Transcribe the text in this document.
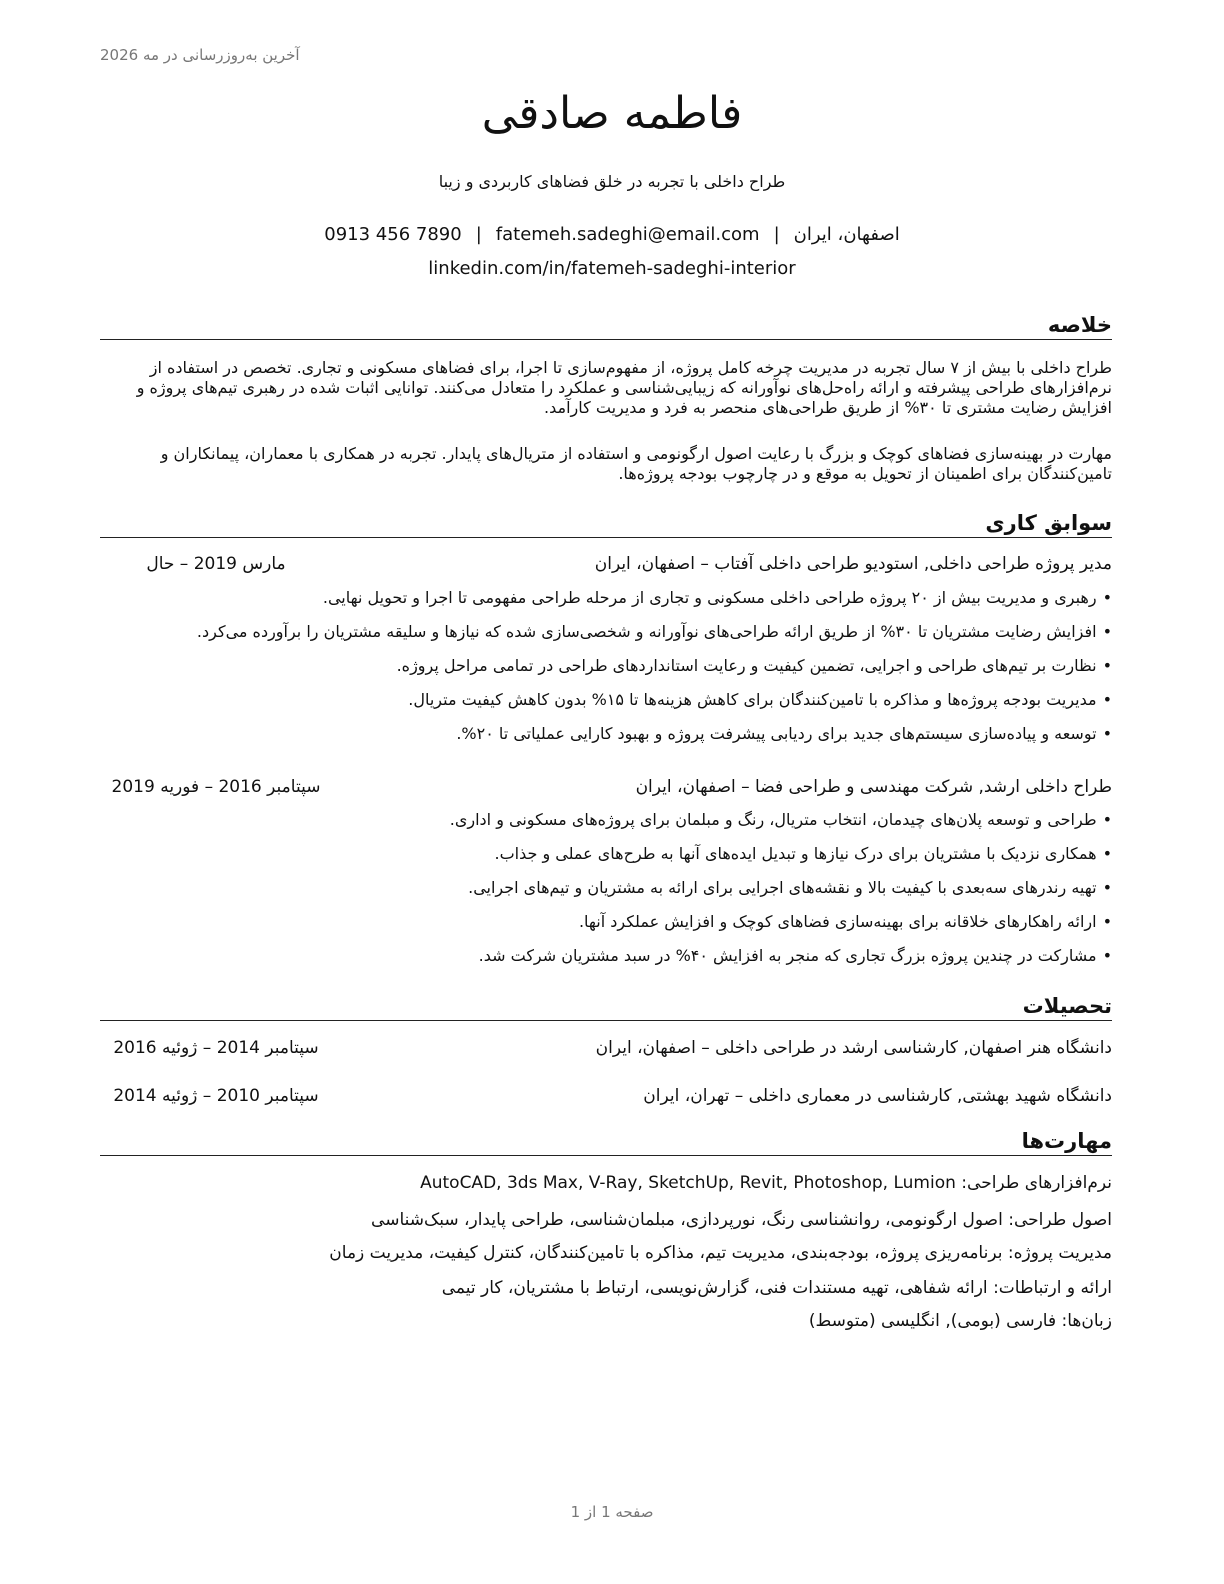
آخرین به‌روزرسانی در مه 2026
فاطمه صادقی
طراح داخلی با تجربه در خلق فضاهای کاربردی و زیبا
اصفهان، ایران|fatemeh.sadeghi@email.com|0913 456 7890
linkedin.com/in/fatemeh-sadeghi-interior
خلاصه

طراح داخلی با بیش از ۷ سال تجربه در مدیریت چرخه کامل پروژه، از مفهوم‌سازی تا اجرا، برای فضاهای مسکونی و تجاری. تخصص در استفاده از نرم‌افزارهای طراحی پیشرفته و ارائه راه‌حل‌های نوآورانه که زیبایی‌شناسی و عملکرد را متعادل می‌کنند. توانایی اثبات شده در رهبری تیم‌های پروژه و افزایش رضایت مشتری تا ۳۰% از طریق طراحی‌های منحصر به فرد و مدیریت کارآمد.

مهارت در بهینه‌سازی فضاهای کوچک و بزرگ با رعایت اصول ارگونومی و استفاده از متریال‌های پایدار. تجربه در همکاری با معماران، پیمانکاران و تامین‌کنندگان برای اطمینان از تحویل به موقع و در چارچوب بودجه پروژه‌ها.

سوابق کاری
مدیر پروژه طراحی داخلی, استودیو طراحی داخلی آفتاب – اصفهان، ایران
مارس 2019 – حال
•رهبری و مدیریت بیش از ۲۰ پروژه طراحی داخلی مسکونی و تجاری از مرحله طراحی مفهومی تا اجرا و تحویل نهایی.
•افزایش رضایت مشتریان تا ۳۰% از طریق ارائه طراحی‌های نوآورانه و شخصی‌سازی شده که نیازها و سلیقه مشتریان را برآورده می‌کرد.
•نظارت بر تیم‌های طراحی و اجرایی، تضمین کیفیت و رعایت استانداردهای طراحی در تمامی مراحل پروژه.
•مدیریت بودجه پروژه‌ها و مذاکره با تامین‌کنندگان برای کاهش هزینه‌ها تا ۱۵% بدون کاهش کیفیت متریال.
•توسعه و پیاده‌سازی سیستم‌های جدید برای ردیابی پیشرفت پروژه و بهبود کارایی عملیاتی تا ۲۰%.
طراح داخلی ارشد, شرکت مهندسی و طراحی فضا – اصفهان، ایران
سپتامبر 2016 – فوریه 2019
•طراحی و توسعه پلان‌های چیدمان، انتخاب متریال، رنگ و مبلمان برای پروژه‌های مسکونی و اداری.
•همکاری نزدیک با مشتریان برای درک نیازها و تبدیل ایده‌های آنها به طرح‌های عملی و جذاب.
•تهیه رندرهای سه‌بعدی با کیفیت بالا و نقشه‌های اجرایی برای ارائه به مشتریان و تیم‌های اجرایی.
•ارائه راهکارهای خلاقانه برای بهینه‌سازی فضاهای کوچک و افزایش عملکرد آنها.
•مشارکت در چندین پروژه بزرگ تجاری که منجر به افزایش ۴۰% در سبد مشتریان شرکت شد.
تحصیلات
دانشگاه هنر اصفهان, کارشناسی ارشد در طراحی داخلی – اصفهان، ایران
سپتامبر 2014 – ژوئیه 2016
دانشگاه شهید بهشتی, کارشناسی در معماری داخلی – تهران، ایران
سپتامبر 2010 – ژوئیه 2014
مهارت‌ها
نرم‌افزارهای طراحی: AutoCAD, 3ds Max, V-Ray, SketchUp, Revit, Photoshop, Lumion
اصول طراحی: اصول ارگونومی، روانشناسی رنگ، نورپردازی، مبلمان‌شناسی، طراحی پایدار، سبک‌شناسی
مدیریت پروژه: برنامه‌ریزی پروژه، بودجه‌بندی، مدیریت تیم، مذاکره با تامین‌کنندگان، کنترل کیفیت، مدیریت زمان
ارائه و ارتباطات: ارائه شفاهی، تهیه مستندات فنی، گزارش‌نویسی، ارتباط با مشتریان، کار تیمی
زبان‌ها: فارسی (بومی), انگلیسی (متوسط)
صفحه 1 از 1
